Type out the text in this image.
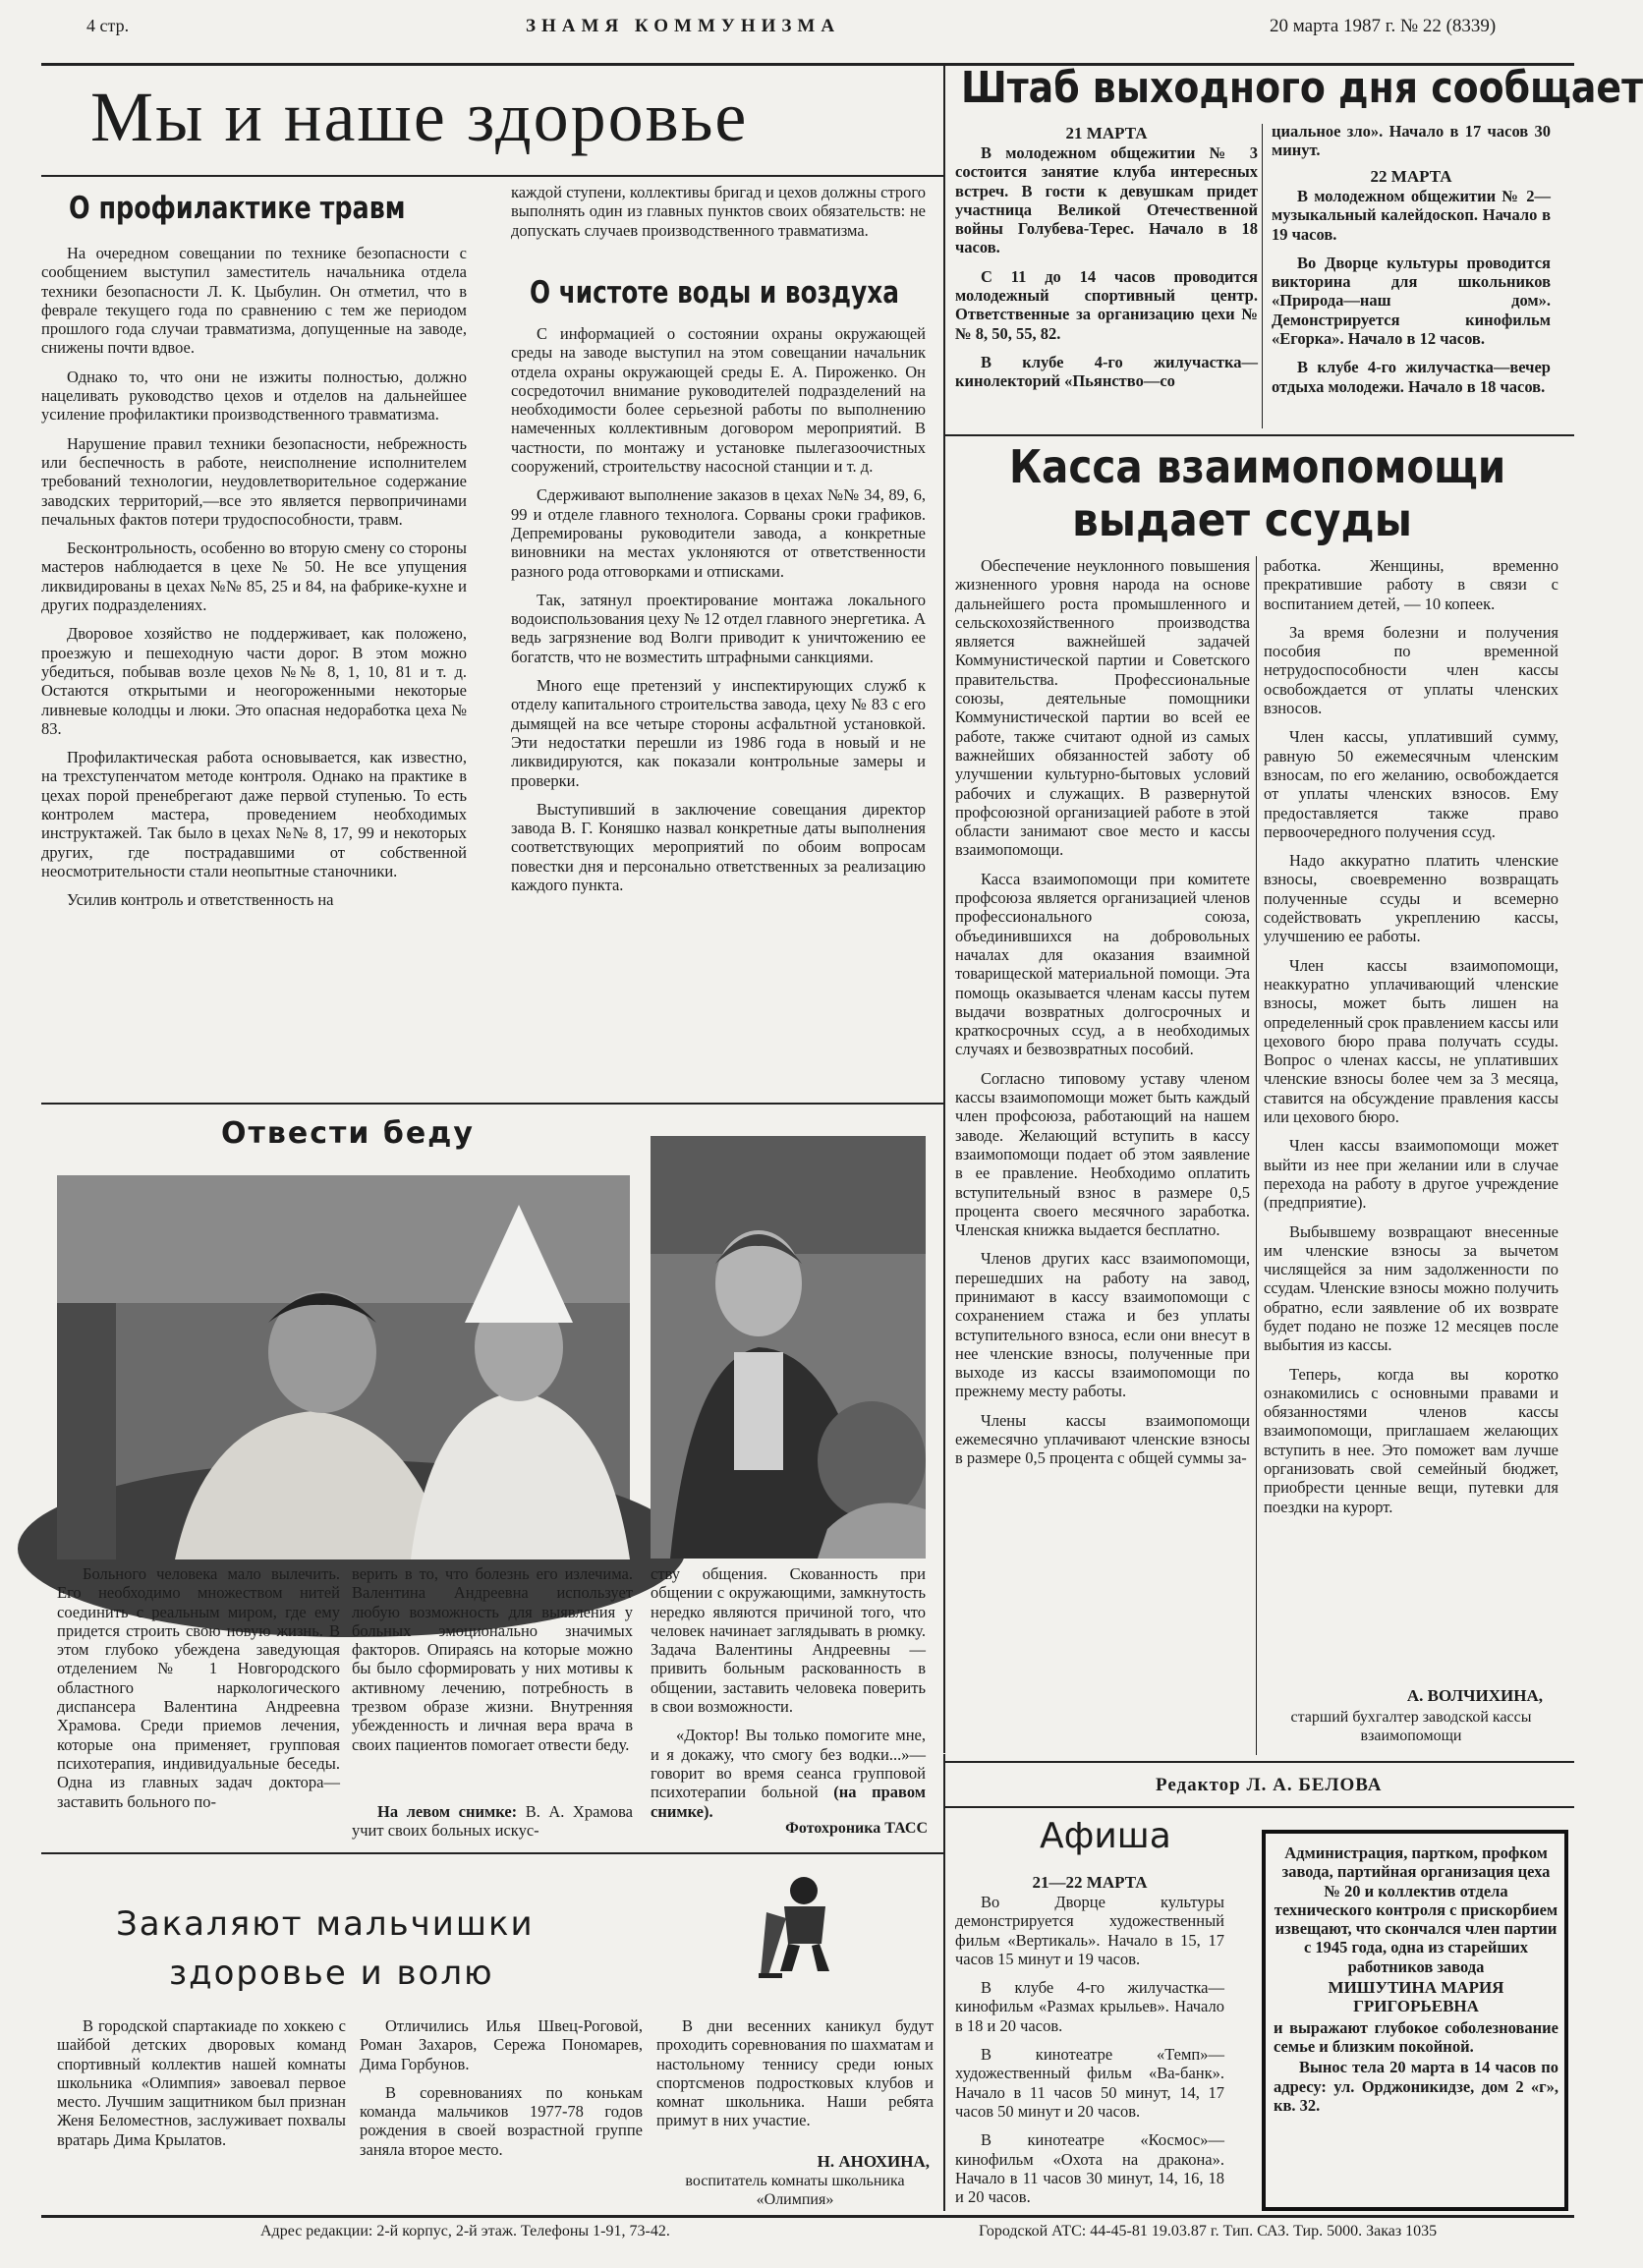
4 стр.	ЗНАМЯ КОММУНИЗМА	20 марта 1987 г. № 22 (8339)
Мы и наше здоровье
О профилактике травм

На очередном совещании по технике безопасности с сообщением выступил заместитель начальника отдела техники безопасности Л. К. Цыбулин. Он отметил, что в феврале текущего года по сравнению с тем же периодом прошлого года случаи травматизма, допущенные на заводе, снижены почти вдвое.

Однако то, что они не изжиты полностью, должно нацеливать руководство цехов и отделов на дальнейшее усиление профилактики производственного травматизма.

Нарушение правил техники безопасности, небрежность или беспечность в работе, неисполнение исполнителем требований технологии, неудовлетворительное содержание заводских территорий,—все это является первопричинами печальных фактов потери трудоспособности, травм.

Бесконтрольность, особенно во вторую смену со стороны мастеров наблюдается в цехе № 50. Не все упущения ликвидированы в цехах №№ 85, 25 и 84, на фабрике-кухне и других подразделениях.

Дворовое хозяйство не поддерживает, как положено, проезжую и пешеходную части дорог. В этом можно убедиться, побывав возле цехов №№ 8, 1, 10, 81 и т. д. Остаются открытыми и неогороженными некоторые ливневые колодцы и люки. Это опасная недоработка цеха № 83.

Профилактическая работа основывается, как известно, на трехступенчатом методе контроля. Однако на практике в цехах порой пренебрегают даже первой ступенью. То есть контролем мастера, проведением необходимых инструктажей. Так было в цехах №№ 8, 17, 99 и некоторых других, где пострадавшими от собственной неосмотрительности стали неопытные станочники.

Усилив контроль и ответственность на

каждой ступени, коллективы бригад и цехов должны строго выполнять один из главных пунктов своих обязательств: не допускать случаев производственного травматизма.

О чистоте воды и воздуха

С информацией о состоянии охраны окружающей среды на заводе выступил на этом совещании начальник отдела охраны окружающей среды Е. А. Пироженко. Он сосредоточил внимание руководителей подразделений на необходимости более серьезной работы по выполнению намеченных коллективным договором мероприятий. В частности, по монтажу и установке пылегазоочистных сооружений, строительству насосной станции и т. д.

Сдерживают выполнение заказов в цехах №№ 34, 89, 6, 99 и отделе главного технолога. Сорваны сроки графиков. Депремированы руководители завода, а конкретные виновники на местах уклоняются от ответственности разного рода отговорками и отписками.

Так, затянул проектирование монтажа локального водоиспользования цеху № 12 отдел главного энергетика. А ведь загрязнение вод Волги приводит к уничтожению ее богатств, что не возместить штрафными санкциями.

Много еще претензий у инспектирующих служб к отделу капитального строительства завода, цеху № 83 с его дымящей на все четыре стороны асфальтной установкой. Эти недостатки перешли из 1986 года в новый и не ликвидируются, как показали контрольные замеры и проверки.

Выступивший в заключение совещания директор завода В. Г. Коняшко назвал конкретные даты выполнения соответствующих мероприятий по обоим вопросам повестки дня и персонально ответственных за реализацию каждого пункта.

Штаб выходного дня сообщает
21 МАРТА

В молодежном общежитии № 3 состоится занятие клуба интересных встреч. В гости к девушкам придет участница Великой Отечественной войны Голубева-Терес. Начало в 18 часов.

С 11 до 14 часов проводится молодежный спортивный центр. Ответственные за организацию цехи №№ 8, 50, 55, 82.

В клубе 4-го жилучастка—кинолекторий «Пьянство—со

циальное зло». Начало в 17 часов 30 минут.

22 МАРТА

В молодежном общежитии № 2—музыкальный калейдоскоп. Начало в 19 часов.

Во Дворце культуры проводится викторина для школьников «Природа—наш дом». Демонстрируется кинофильм «Егорка». Начало в 12 часов.

В клубе 4-го жилучастка—вечер отдыха молодежи. Начало в 18 часов.

Касса взаимопомощи
выдает ссуды

Обеспечение неуклонного повышения жизненного уровня народа на основе дальнейшего роста промышленного и сельскохозяйственного производства является важнейшей задачей Коммунистической партии и Советского правительства. Профессиональные союзы, деятельные помощники Коммунистической партии во всей ее работе, также считают одной из самых важнейших обязанностей заботу об улучшении культурно-бытовых условий рабочих и служащих. В развернутой профсоюзной организацией работе в этой области занимают свое место и кассы взаимопомощи.

Касса взаимопомощи при комитете профсоюза является организацией членов профессионального союза, объединившихся на добровольных началах для оказания взаимной товарищеской материальной помощи. Эта помощь оказывается членам кассы путем выдачи возвратных долгосрочных и краткосрочных ссуд, а в необходимых случаях и безвозвратных пособий.

Согласно типовому уставу членом кассы взаимопомощи может быть каждый член профсоюза, работающий на нашем заводе. Желающий вступить в кассу взаимопомощи подает об этом заявление в ее правление. Необходимо оплатить вступительный взнос в размере 0,5 процента своего месячного заработка. Членская книжка выдается бесплатно.

Членов других касс взаимопомощи, перешедших на работу на завод, принимают в кассу взаимопомощи с сохранением стажа и без уплаты вступительного взноса, если они внесут в нее членские взносы, полученные при выходе из кассы взаимопомощи по прежнему месту работы.

Члены кассы взаимопомощи ежемесячно уплачивают членские взносы в размере 0,5 процента с общей суммы за-

работка. Женщины, временно прекратившие работу в связи с воспитанием детей, — 10 копеек.

За время болезни и получения пособия по временной нетрудоспособности член кассы освобождается от уплаты членских взносов.

Член кассы, уплативший сумму, равную 50 ежемесячным членским взносам, по его желанию, освобождается от уплаты членских взносов. Ему предоставляется также право первоочередного получения ссуд.

Надо аккуратно платить членские взносы, своевременно возвращать полученные ссуды и всемерно содействовать укреплению кассы, улучшению ее работы.

Член кассы взаимопомощи, неаккуратно уплачивающий членские взносы, может быть лишен на определенный срок правлением кассы или цехового бюро права получать ссуды. Вопрос о членах кассы, не уплативших членские взносы более чем за 3 месяца, ставится на обсуждение правления кассы или цехового бюро.

Член кассы взаимопомощи может выйти из нее при желании или в случае перехода на работу в другое учреждение (предприятие).

Выбывшему возвращают внесенные им членские взносы за вычетом числящейся за ним задолженности по ссудам. Членские взносы можно получить обратно, если заявление об их возврате будет подано не позже 12 месяцев после выбытия из кассы.

Теперь, когда вы коротко ознакомились с основными правами и обязанностями членов кассы взаимопомощи, приглашаем желающих вступить в нее. Это поможет вам лучше организовать свой семейный бюджет, приобрести ценные вещи, путевки для поездки на курорт.

А. ВОЛЧИХИНА,
старший бухгалтер заводской кассы взаимопомощи
Отвести беду

Больного человека мало вылечить. Его необходимо множеством нитей соединить с реальным миром, где ему придется строить свою новую жизнь. В этом глубоко убеждена заведующая отделением № 1 Новгородского областного наркологического диспансера Валентина Андреевна Храмова. Среди приемов лечения, которые она применяет, групповая психотерапия, индивидуальные беседы. Одна из главных задач доктора—заставить больного по-

верить в то, что болезнь его излечима. Валентина Андреевна использует любую возможность для выявления у больных эмоционально значимых факторов. Опираясь на которые можно бы было сформировать у них мотивы к активному лечению, потребность в трезвом образе жизни. Внутренняя убежденность и личная вера врача в своих пациентов помогает отвести беду.

На левом снимке: В. А. Храмова учит своих больных искус-

ству общения. Скованность при общении с окружающими, замкнутость нередко являются причиной того, что человек начинает заглядывать в рюмку. Задача Валентины Андреевны — привить больным раскованность в общении, заставить человека поверить в свои возможности.

«Доктор! Вы только помогите мне, и я докажу, что смогу без водки...»—говорит во время сеанса групповой психотерапии больной (на правом снимке).

Фотохроника ТАСС
Закаляют мальчишки
здоровье и волю

В городской спартакиаде по хоккею с шайбой детских дворовых команд спортивный коллектив нашей комнаты школьника «Олимпия» завоевал первое место. Лучшим защитником был признан Женя Беломестнов, заслуживает похвалы вратарь Дима Крылатов.

Отличились Илья Швец-Роговой, Роман Захаров, Сережа Пономарев, Дима Горбунов.

В соревнованиях по конькам команда мальчиков 1977-78 годов рождения в своей возрастной группе заняла второе место.

В дни весенних каникул будут проходить соревнования по шахматам и настольному теннису среди юных спортсменов подростковых клубов и комнат школьника. Наши ребята примут в них участие.

Н. АНОХИНА,
воспитатель комнаты школьника «Олимпия»
Редактор Л. А. БЕЛОВА
Афиша
21—22 МАРТА

Во Дворце культуры демонстрируется художественный фильм «Вертикаль». Начало в 15, 17 часов 15 минут и 19 часов.

В клубе 4-го жилучастка—кинофильм «Размах крыльев». Начало в 18 и 20 часов.

В кинотеатре «Темп»—художественный фильм «Ва-банк». Начало в 11 часов 50 минут, 14, 17 часов 50 минут и 20 часов.

В кинотеатре «Космос»—кинофильм «Охота на дракона». Начало в 11 часов 30 минут, 14, 16, 18 и 20 часов.

Администрация, партком, профком завода, партийная организация цеха № 20 и коллектив отдела технического контроля с прискорбием извещают, что скончался член партии с 1945 года, одна из старейших работников завода

МИШУТИНА МАРИЯ ГРИГОРЬЕВНА

и выражают глубокое соболезнование семье и близким покойной.

Вынос тела 20 марта в 14 часов по адресу: ул. Орджоникидзе, дом 2 «г», кв. 32.

Адрес редакции: 2-й корпус, 2-й этаж. Телефоны 1-91, 73-42.	Городской АТС: 44-45-81 19.03.87 г. Тип. САЗ. Тир. 5000. Заказ 1035
